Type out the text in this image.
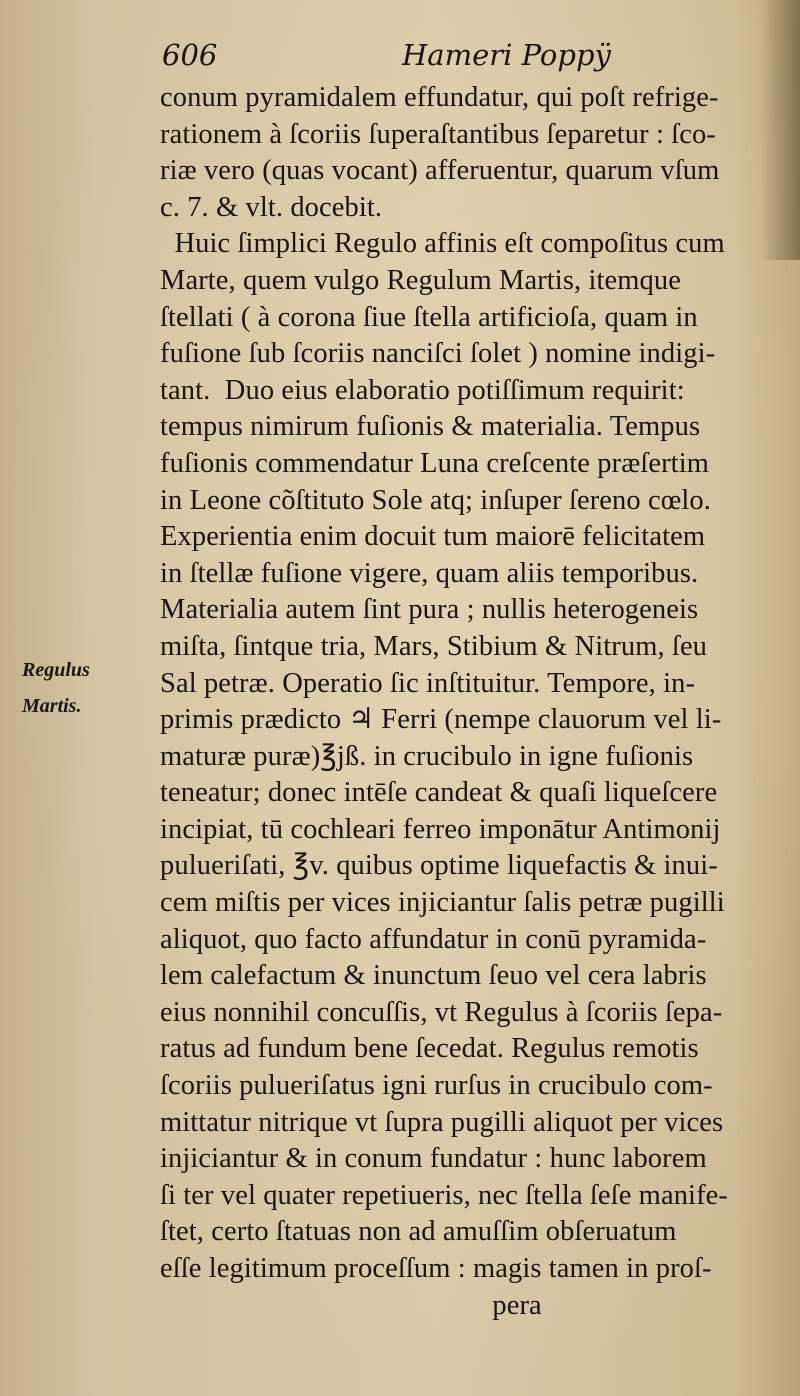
606	Hameri Poppÿ
Regulus
Martis.
conum pyramidalem effundatur, qui poſt refrige-
rationem à ſcoriis ſuperaſtantibus ſeparetur : ſco-
riæ vero (quas vocant) afferuentur, quarum vſum
c. 7. & vlt. docebit.
Huic ſimplici Regulo affinis eſt compoſitus cum
Marte, quem vulgo Regulum Martis, itemque
ſtellati ( à corona ſiue ſtella artificioſa, quam in
fuſione ſub ſcoriis nanciſci ſolet ) nomine indigi-
tant.  Duo eius elaboratio potiſſimum requirit:
tempus nimirum fuſionis & materialia. Tempus
fuſionis commendatur Luna creſcente præſertim
in Leone cõſtituto Sole atq; inſuper ſereno cœlo.
Experientia enim docuit tum maiorē felicitatem
in ſtellæ fuſione vigere, quam aliis temporibus.
Materialia autem ſint pura ; nullis heterogeneis
miſta, ſintque tria, Mars, Stibium & Nitrum, ſeu
Sal petræ. Operatio ſic inſtituitur. Tempore, in-
primis prædicto ♃ Ferri (nempe clauorum vel li-
maturæ puræ)℥jß. in crucibulo in igne fuſionis
teneatur; donec intēſe candeat & quaſi liqueſcere
incipiat, tū cochleari ferreo imponātur Antimonij
pulueriſati, ℥v. quibus optime liquefactis & inui-
cem miſtis per vices injiciantur ſalis petræ pugilli
aliquot, quo facto affundatur in conū pyramida-
lem calefactum & inunctum ſeuo vel cera labris
eius nonnihil concuſſis, vt Regulus à ſcoriis ſepa-
ratus ad fundum bene ſecedat. Regulus remotis
ſcoriis pulueriſatus igni rurſus in crucibulo com-
mittatur nitrique vt ſupra pugilli aliquot per vices
injiciantur & in conum fundatur : hunc laborem
ſi ter vel quater repetiueris, nec ſtella ſeſe manife-
ſtet, certo ſtatuas non ad amuſſim obſeruatum
eſſe legitimum proceſſum : magis tamen in proſ-
pera
